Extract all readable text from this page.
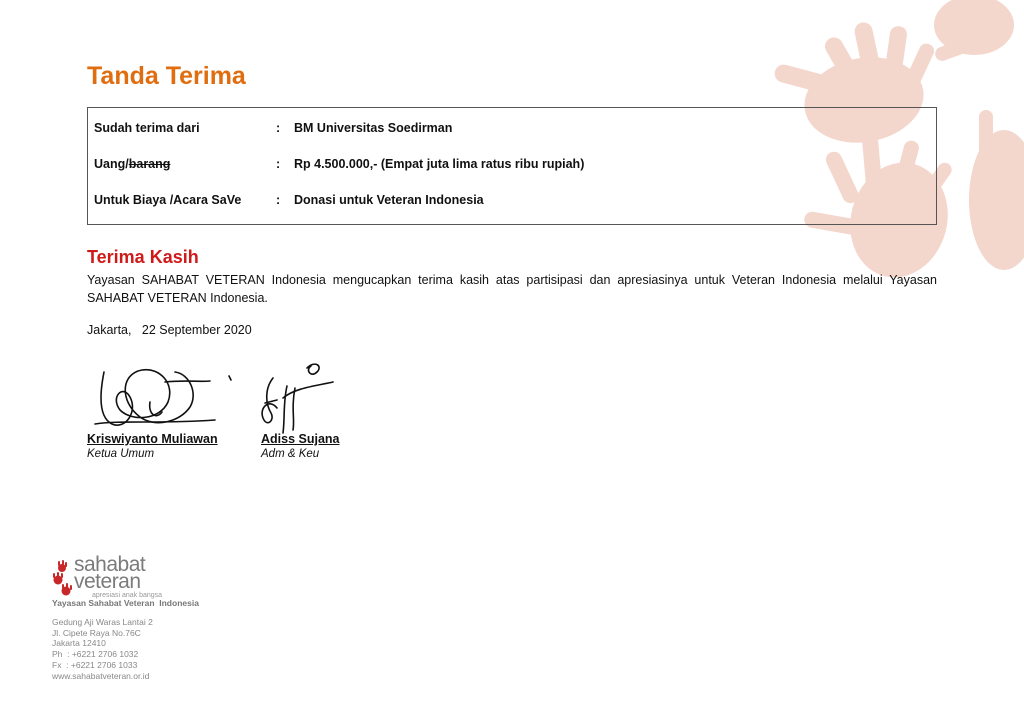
Tanda Terima
Sudah terima dari	: BM Universitas Soedirman
Uang/barang	: Rp 4.500.000,- (Empat juta lima ratus ribu rupiah)
Untuk Biaya /Acara SaVe	: Donasi untuk Veteran Indonesia
Terima Kasih

Yayasan SAHABAT VETERAN Indonesia mengucapkan terima kasih atas partisipasi dan apresiasinya untuk Veteran Indonesia melalui Yayasan SAHABAT VETERAN Indonesia.

Jakarta,   22 September 2020
Kriswiyanto Muliawan
Ketua Umum
Adiss Sujana
Adm & Keu
sahabat
veteran
apresiasi anak bangsa
Yayasan Sahabat Veteran  Indonesia
Gedung Aji Waras Lantai 2
Jl. Cipete Raya No.76C
Jakarta 12410
Ph  : +6221 2706 1032
Fx  : +6221 2706 1033
www.sahabatveteran.or.id
